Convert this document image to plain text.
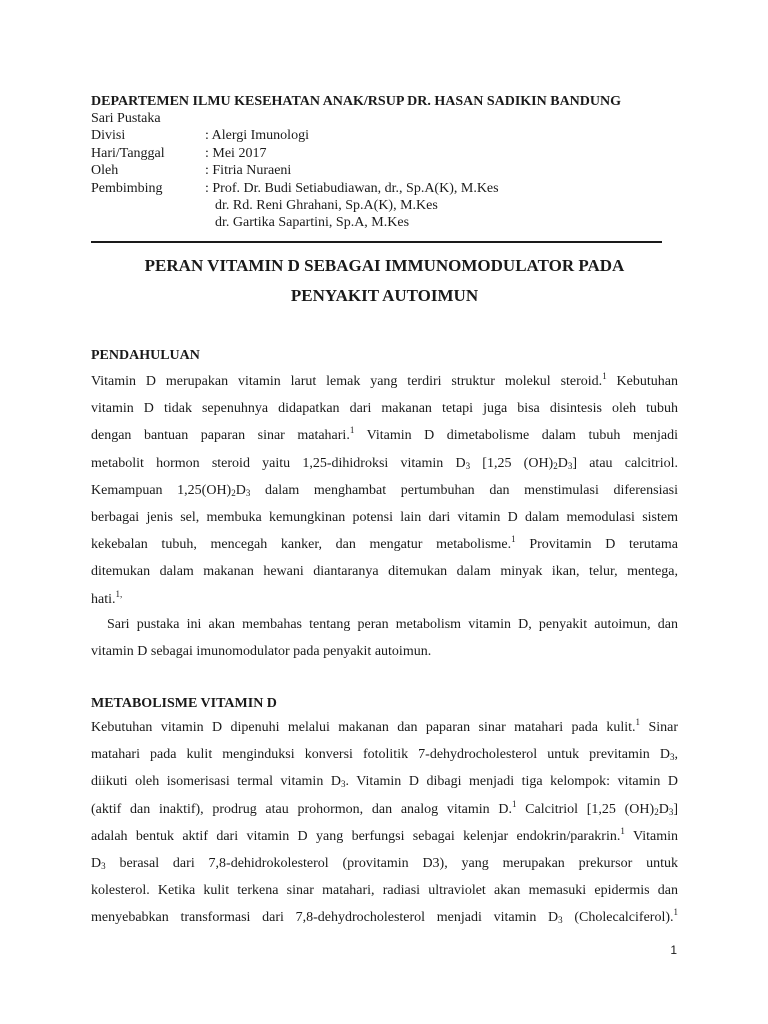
DEPARTEMEN ILMU KESEHATAN ANAK/RSUP DR. HASAN SADIKIN BANDUNG
Sari Pustaka
Divisi	: Alergi Imunologi
Hari/Tanggal	: Mei 2017
Oleh	: Fitria Nuraeni
Pembimbing	: Prof. Dr. Budi Setiabudiawan, dr., Sp.A(K), M.Kes
dr. Rd. Reni Ghrahani, Sp.A(K), M.Kes
dr. Gartika Sapartini, Sp.A, M.Kes
PERAN VITAMIN D SEBAGAI IMMUNOMODULATOR PADA
PENYAKIT AUTOIMUN
PENDAHULUAN
Vitamin D merupakan vitamin larut lemak yang terdiri struktur molekul steroid.$^1$ Kebutuhan
vitamin D tidak sepenuhnya didapatkan dari makanan tetapi juga bisa disintesis oleh tubuh
dengan bantuan paparan sinar matahari.$^1$ Vitamin D dimetabolisme dalam tubuh menjadi
metabolit hormon steroid yaitu 1,25-dihidroksi vitamin $D_3$ [1,25 $(OH)_2D_3$] atau calcitriol.
Kemampuan $1,25(OH)_2D_3$ dalam menghambat pertumbuhan dan menstimulasi diferensiasi
berbagai jenis sel, membuka kemungkinan potensi lain dari vitamin D dalam memodulasi sistem
kekebalan tubuh, mencegah kanker, dan mengatur metabolisme.$^1$ Provitamin D terutama
ditemukan dalam makanan hewani diantaranya ditemukan dalam minyak ikan, telur, mentega,
hati.$^{1,}$
Sari pustaka ini akan membahas tentang peran metabolism vitamin D, penyakit autoimun, dan
vitamin D sebagai imunomodulator pada penyakit autoimun.
METABOLISME VITAMIN D
Kebutuhan vitamin D dipenuhi melalui makanan dan paparan sinar matahari pada kulit.$^1$ Sinar
matahari pada kulit menginduksi konversi fotolitik 7-dehydrocholesterol untuk previtamin $D_3$,
diikuti oleh isomerisasi termal vitamin $D_3$. Vitamin D dibagi menjadi tiga kelompok: vitamin D
(aktif dan inaktif), prodrug atau prohormon, dan analog vitamin D.$^1$ Calcitriol [1,25 $(OH)_2D_3$]
adalah bentuk aktif dari vitamin D yang berfungsi sebagai kelenjar endokrin/parakrin.$^1$ Vitamin
$D_3$ berasal dari 7,8-dehidrokolesterol (provitamin D3), yang merupakan prekursor untuk
kolesterol. Ketika kulit terkena sinar matahari, radiasi ultraviolet akan memasuki epidermis dan
menyebabkan transformasi dari 7,8-dehydrocholesterol menjadi vitamin $D_3$ (Cholecalciferol).$^1$
1
